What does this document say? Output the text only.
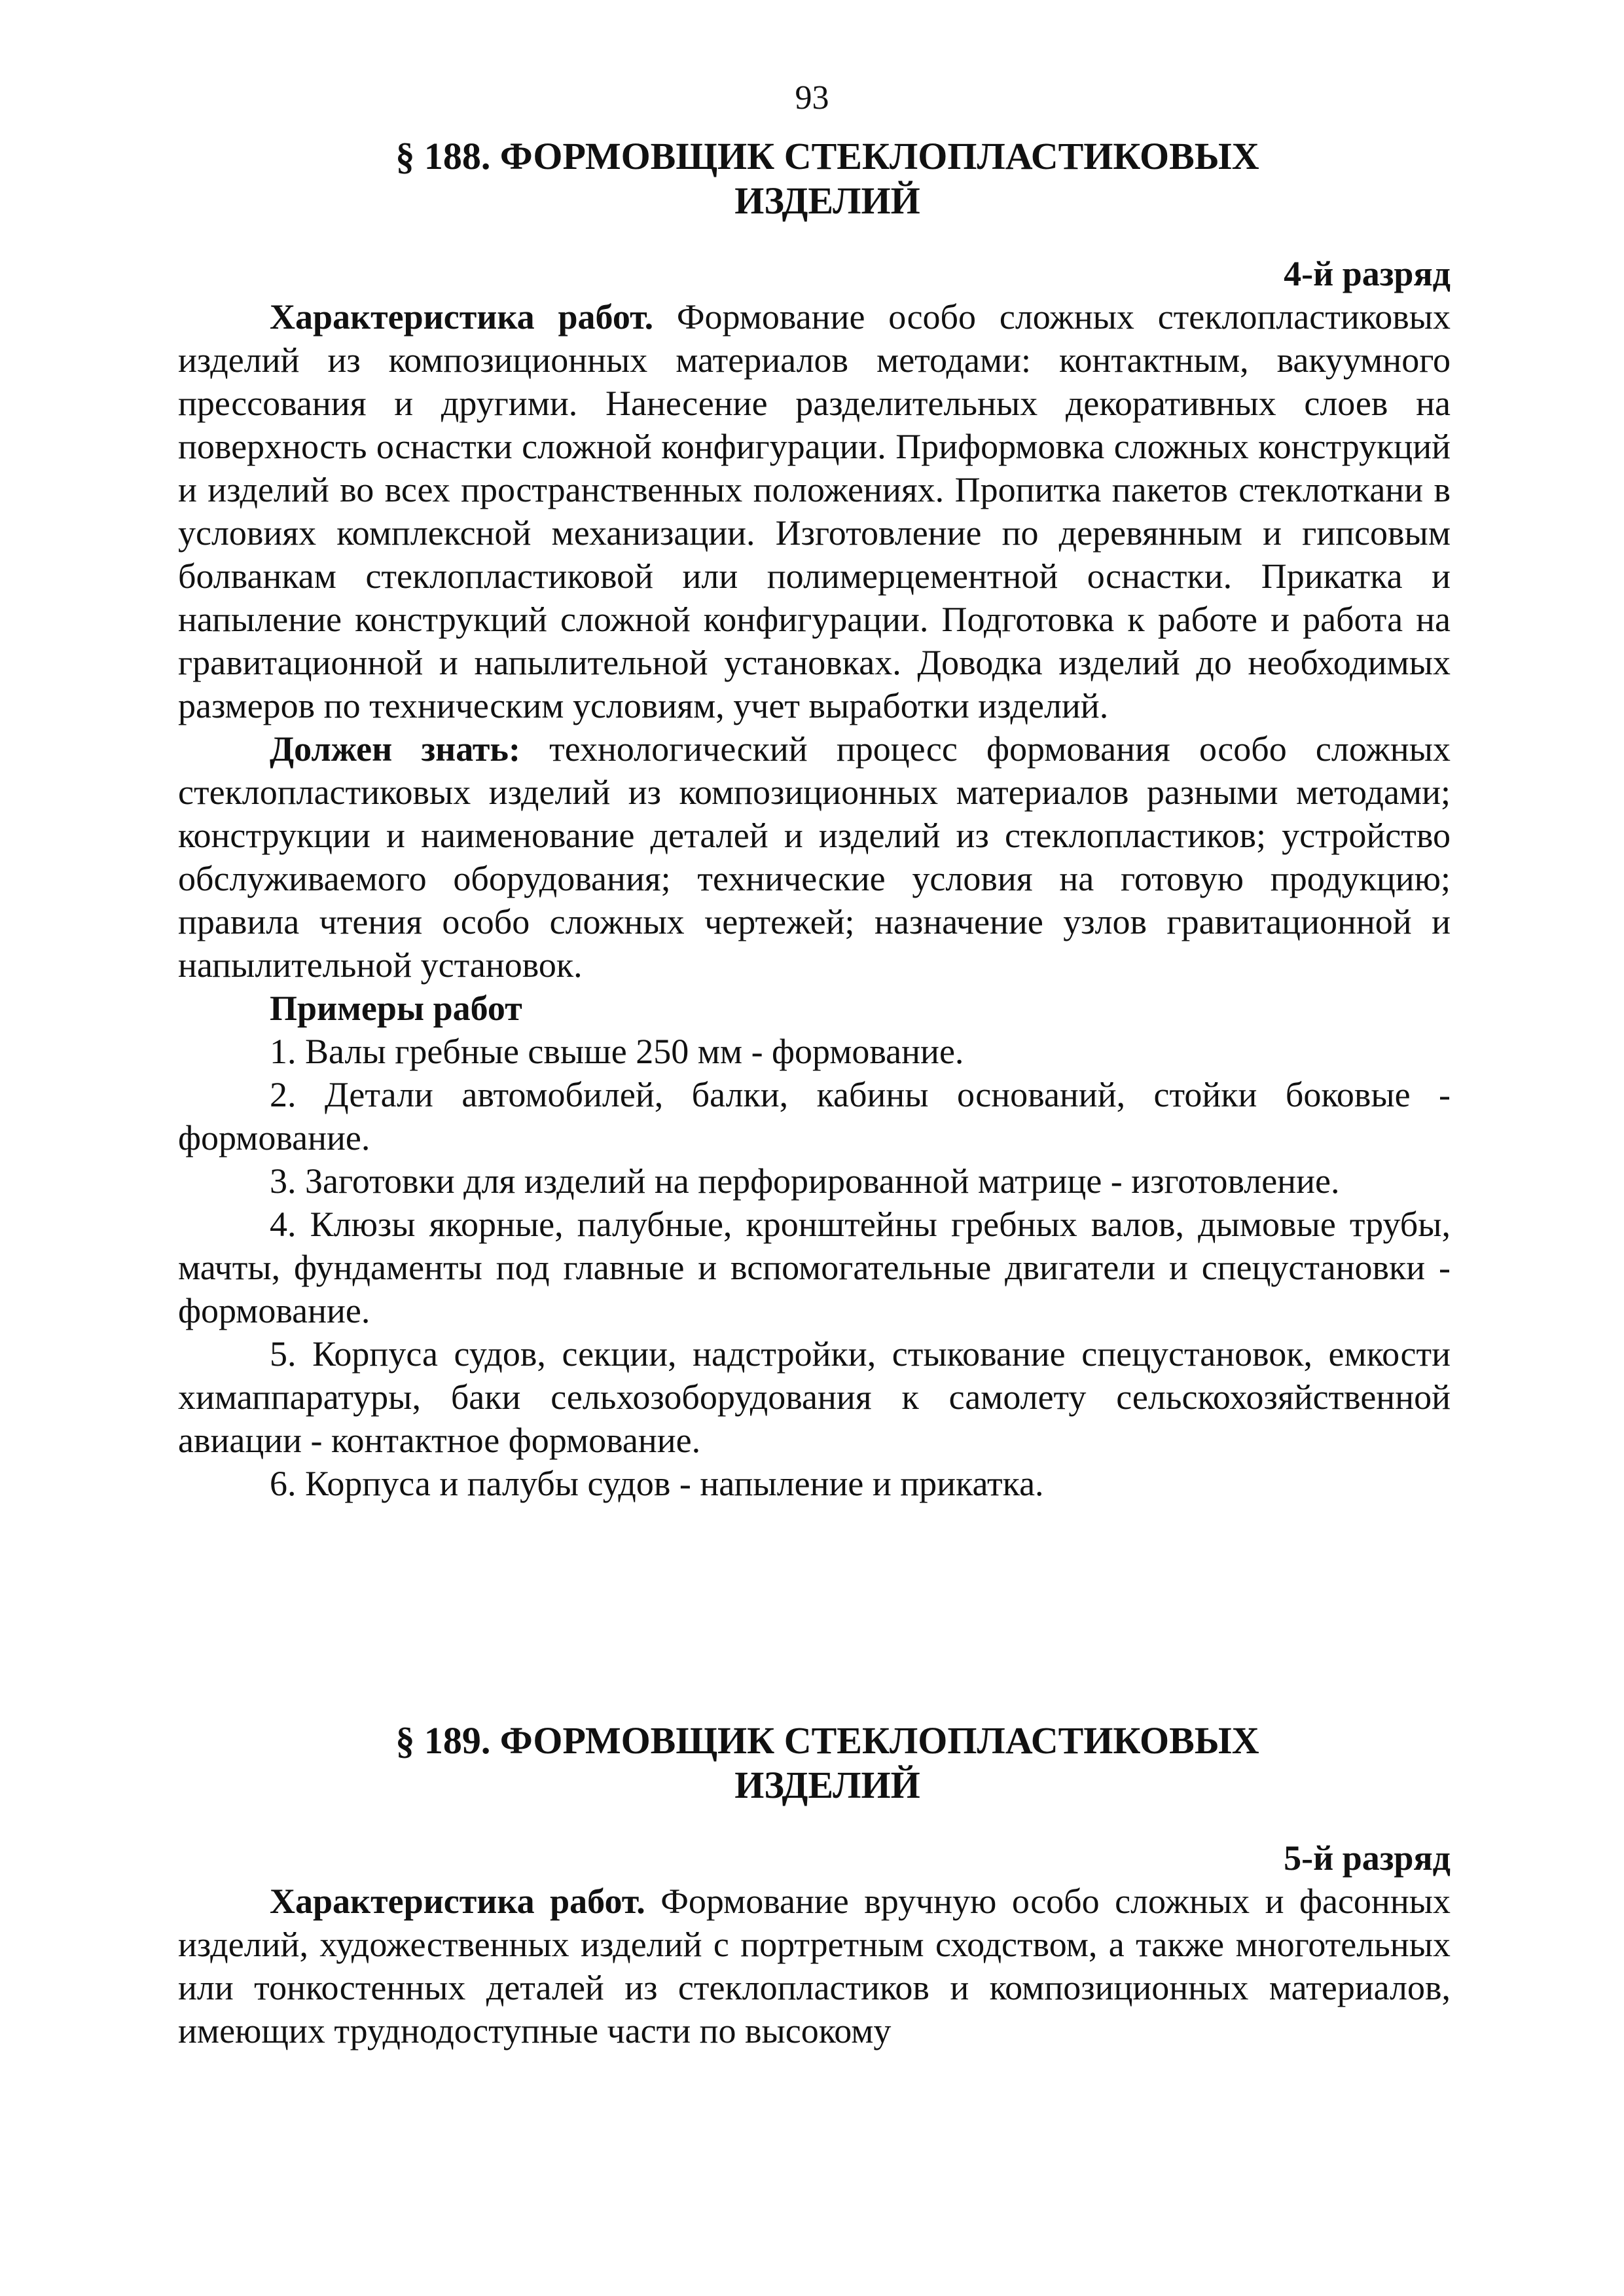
93
§ 188. ФОРМОВЩИК СТЕКЛОПЛАСТИКОВЫХ
ИЗДЕЛИЙ
4-й разряд

Характеристика работ. Формование особо сложных стеклопластиковых изделий из композиционных материалов методами: контактным, вакуумного прессования и другими. Нанесение разделительных декоративных слоев на поверхность оснастки сложной конфигурации. Приформовка сложных конструкций и изделий во всех пространственных положениях. Пропитка пакетов стеклоткани в условиях комплексной механизации. Изготовление по деревянным и гипсовым болванкам стеклопластиковой или полимерцементной оснастки. Прикатка и напыление конструкций сложной конфигурации. Подготовка к работе и работа на гравитационной и напылительной установках. Доводка изделий до необходимых размеров по техническим условиям, учет выработки изделий.

Должен знать: технологический процесс формования особо сложных стеклопластиковых изделий из композиционных материалов разными методами; конструкции и наименование деталей и изделий из стеклопластиков; устройство обслуживаемого оборудования; технические условия на готовую продукцию; правила чтения особо сложных чертежей; назначение узлов гравитационной и напылительной установок.

Примеры работ
1. Валы гребные свыше 250 мм - формование.
2. Детали автомобилей, балки, кабины оснований, стойки боковые - формование.
3. Заготовки для изделий на перфорированной матрице - изготовление.
4. Клюзы якорные, палубные, кронштейны гребных валов, дымовые трубы, мачты, фундаменты под главные и вспомогательные двигатели и спецустановки - формование.
5. Корпуса судов, секции, надстройки, стыкование спецустановок, емкости химаппаратуры, баки сельхозоборудования к самолету сельскохозяйственной авиации - контактное формование.
6. Корпуса и палубы судов - напыление и прикатка.
§ 189. ФОРМОВЩИК СТЕКЛОПЛАСТИКОВЫХ
ИЗДЕЛИЙ
5-й разряд

Характеристика работ. Формование вручную особо сложных и фасонных изделий, художественных изделий с портретным сходством, а также многотельных или тонкостенных деталей из стеклопластиков и композиционных материалов, имеющих труднодоступные части по высокому
